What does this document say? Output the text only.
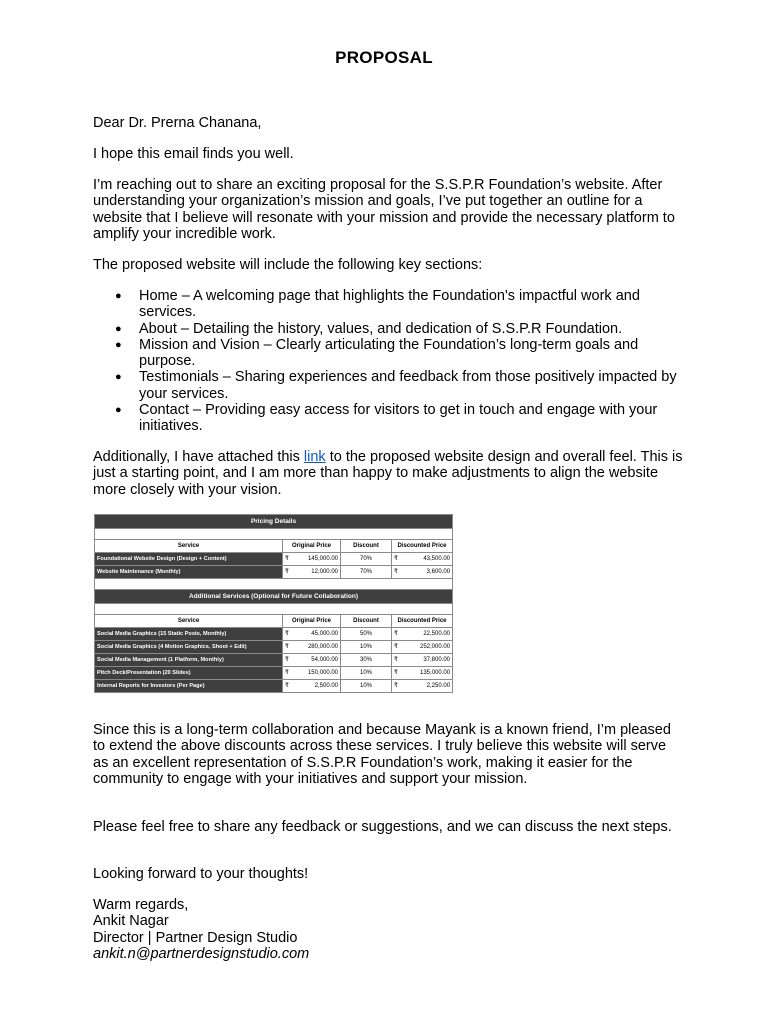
PROPOSAL

Dear Dr. Prerna Chanana,

I hope this email finds you well.

I’m reaching out to share an exciting proposal for the S.S.P.R Foundation’s website. After understanding your organization’s mission and goals, I’ve put together an outline for a website that I believe will resonate with your mission and provide the necessary platform to amplify your incredible work.

The proposed website will include the following key sections:

● Home – A welcoming page that highlights the Foundation's impactful work and services.
● About – Detailing the history, values, and dedication of S.S.P.R Foundation.
● Mission and Vision – Clearly articulating the Foundation’s long-term goals and purpose.
● Testimonials – Sharing experiences and feedback from those positively impacted by your services.
● Contact – Providing easy access for visitors to get in touch and engage with your initiatives.

Additionally, I have attached this link to the proposed website design and overall feel. This is just a starting point, and I am more than happy to make adjustments to align the website more closely with your vision.

Pricing Details			

Service	Original Price	Discount	Discounted Price
Foundational Website Design (Design + Content)	₹ 145,000.00	70%	₹ 43,500.00
Website Maintenance (Monthly)	₹ 12,000.00	70%	₹ 3,600.00

Additional Services (Optional for Future Collaboration)			

Service	Original Price	Discount	Discounted Price
Social Media Graphics (15 Static Posts, Monthly)	₹ 45,000.00	50%	₹ 22,500.00
Social Media Graphics (4 Motion Graphics, Shoot + Edit)	₹ 280,000.00	10%	₹ 252,000.00
Social Media Management (1 Platform, Monthly)	₹ 54,000.00	30%	₹ 37,800.00
Pitch Deck/Presentation (20 Slides)	₹ 150,000.00	10%	₹ 135,000.00
Internal Reports for Investors (Per Page)	₹ 2,500.00	10%	₹ 2,250.00

Since this is a long-term collaboration and because Mayank is a known friend, I’m pleased to extend the above discounts across these services. I truly believe this website will serve as an excellent representation of S.S.P.R Foundation’s work, making it easier for the community to engage with your initiatives and support your mission.

Please feel free to share any feedback or suggestions, and we can discuss the next steps.

Looking forward to your thoughts!

Warm regards,

Ankit Nagar

Director | Partner Design Studio

ankit.n@partnerdesignstudio.com
